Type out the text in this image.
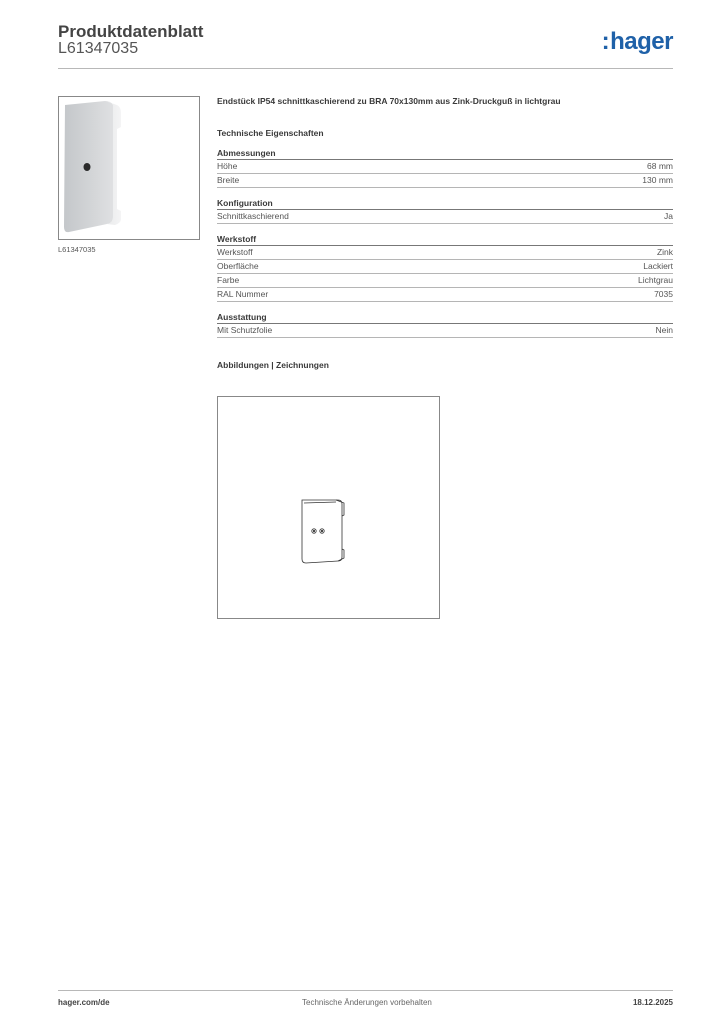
Produktdatenblatt
L61347035	:hager
L61347035

Endstück IP54 schnittkaschierend zu BRA 70x130mm aus Zink-Druckguß in lichtgrau

Technische Eigenschaften
Abmessungen
Höhe	68 mm
Breite	130 mm
Konfiguration
Schnittkaschierend	Ja
Werkstoff
Werkstoff	Zink
Oberfläche	Lackiert
Farbe	Lichtgrau
RAL Nummer	7035
Ausstattung
Mit Schutzfolie	Nein
Abbildungen | Zeichnungen
hager.com/de	Technische Änderungen vorbehalten	18.12.2025
